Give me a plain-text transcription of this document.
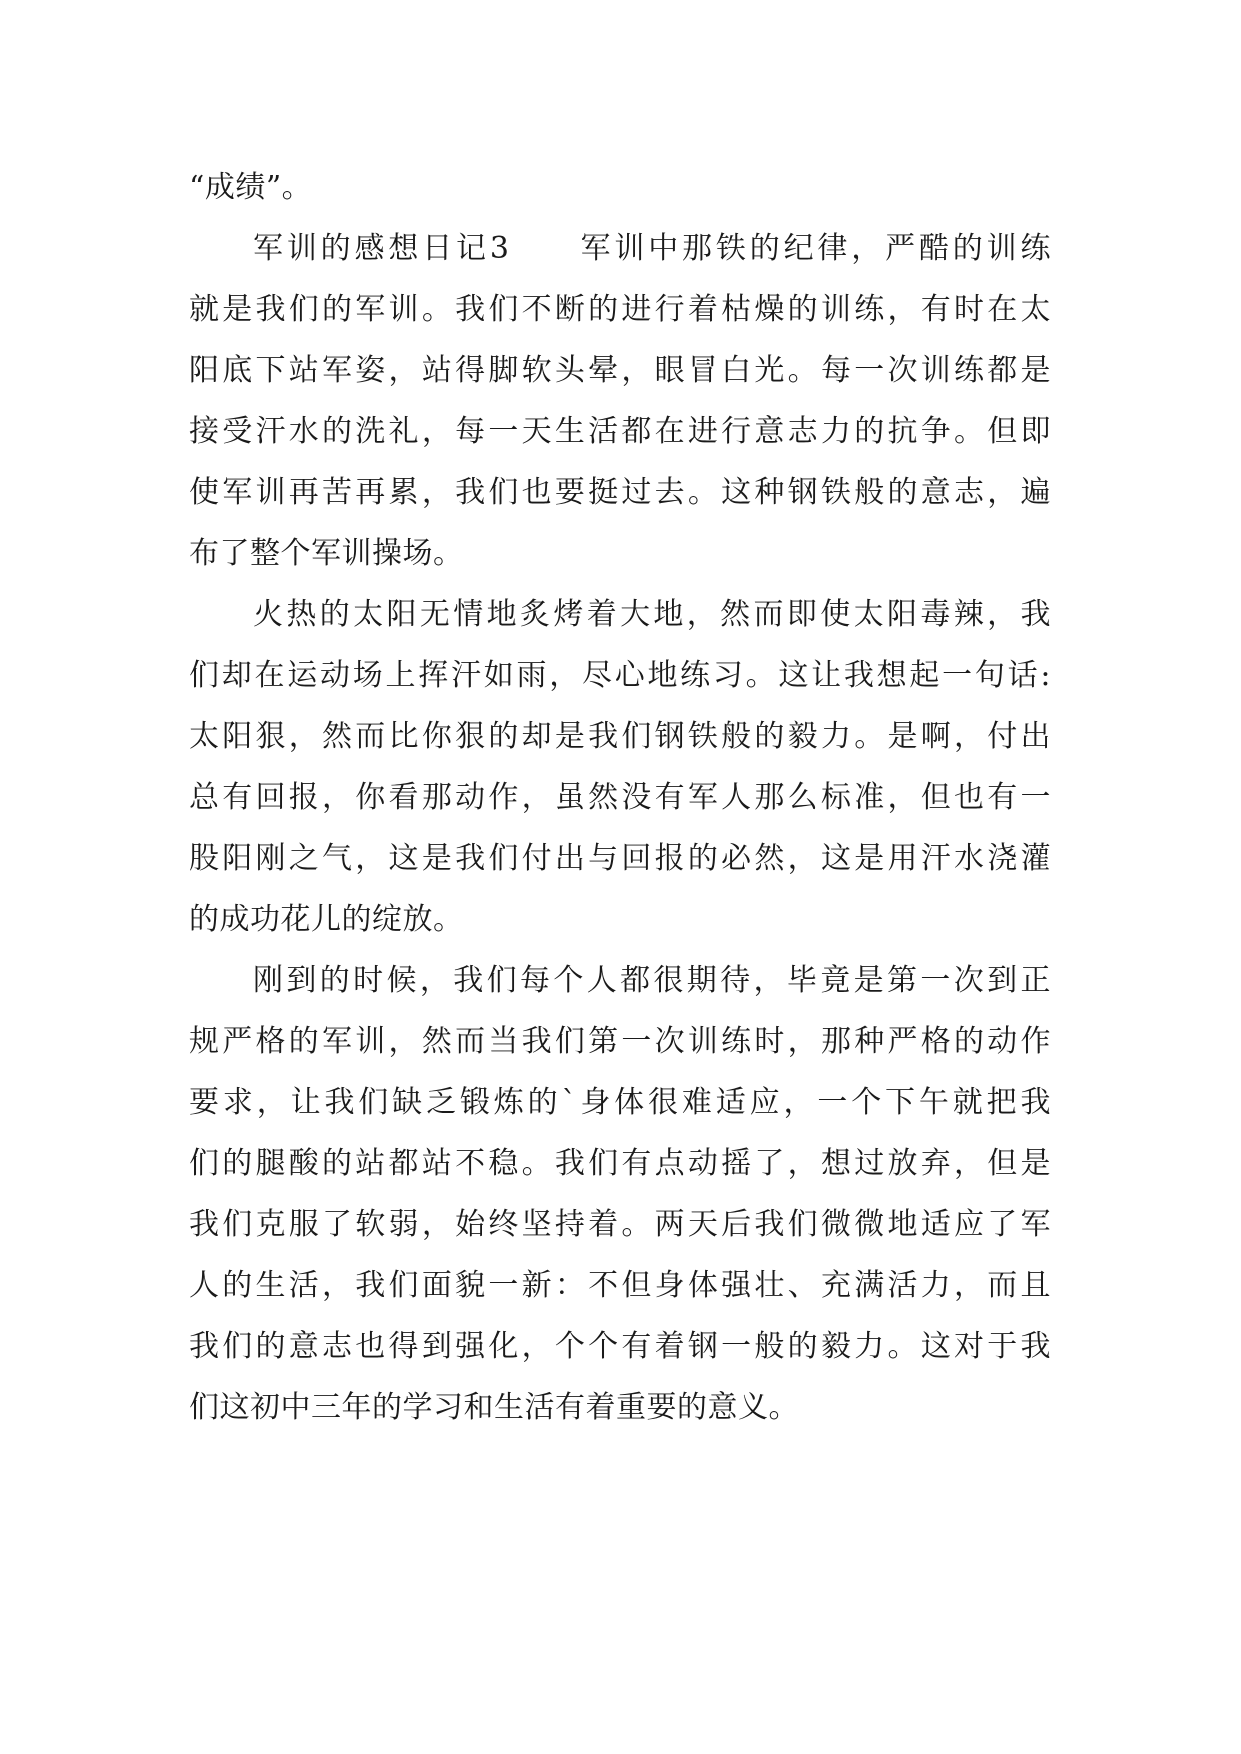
“成绩”。
军训的感想日记3　　军训中那铁的纪律，严酷的训练
就是我们的军训。我们不断的进行着枯燥的训练，有时在太
阳底下站军姿，站得脚软头晕，眼冒白光。每一次训练都是
接受汗水的洗礼，每一天生活都在进行意志力的抗争。但即
使军训再苦再累，我们也要挺过去。这种钢铁般的意志，遍
布了整个军训操场。
火热的太阳无情地炙烤着大地，然而即使太阳毒辣，我
们却在运动场上挥汗如雨，尽心地练习。这让我想起一句话:
太阳狠，然而比你狠的却是我们钢铁般的毅力。是啊，付出
总有回报，你看那动作，虽然没有军人那么标准，但也有一
股阳刚之气，这是我们付出与回报的必然，这是用汗水浇灌
的成功花儿的绽放。
刚到的时候，我们每个人都很期待，毕竟是第一次到正
规严格的军训，然而当我们第一次训练时，那种严格的动作
要求，让我们缺乏锻炼的`身体很难适应，一个下午就把我
们的腿酸的站都站不稳。我们有点动摇了，想过放弃，但是
我们克服了软弱，始终坚持着。两天后我们微微地适应了军
人的生活，我们面貌一新：不但身体强壮、充满活力，而且
我们的意志也得到强化，个个有着钢一般的毅力。这对于我
们这初中三年的学习和生活有着重要的意义。
